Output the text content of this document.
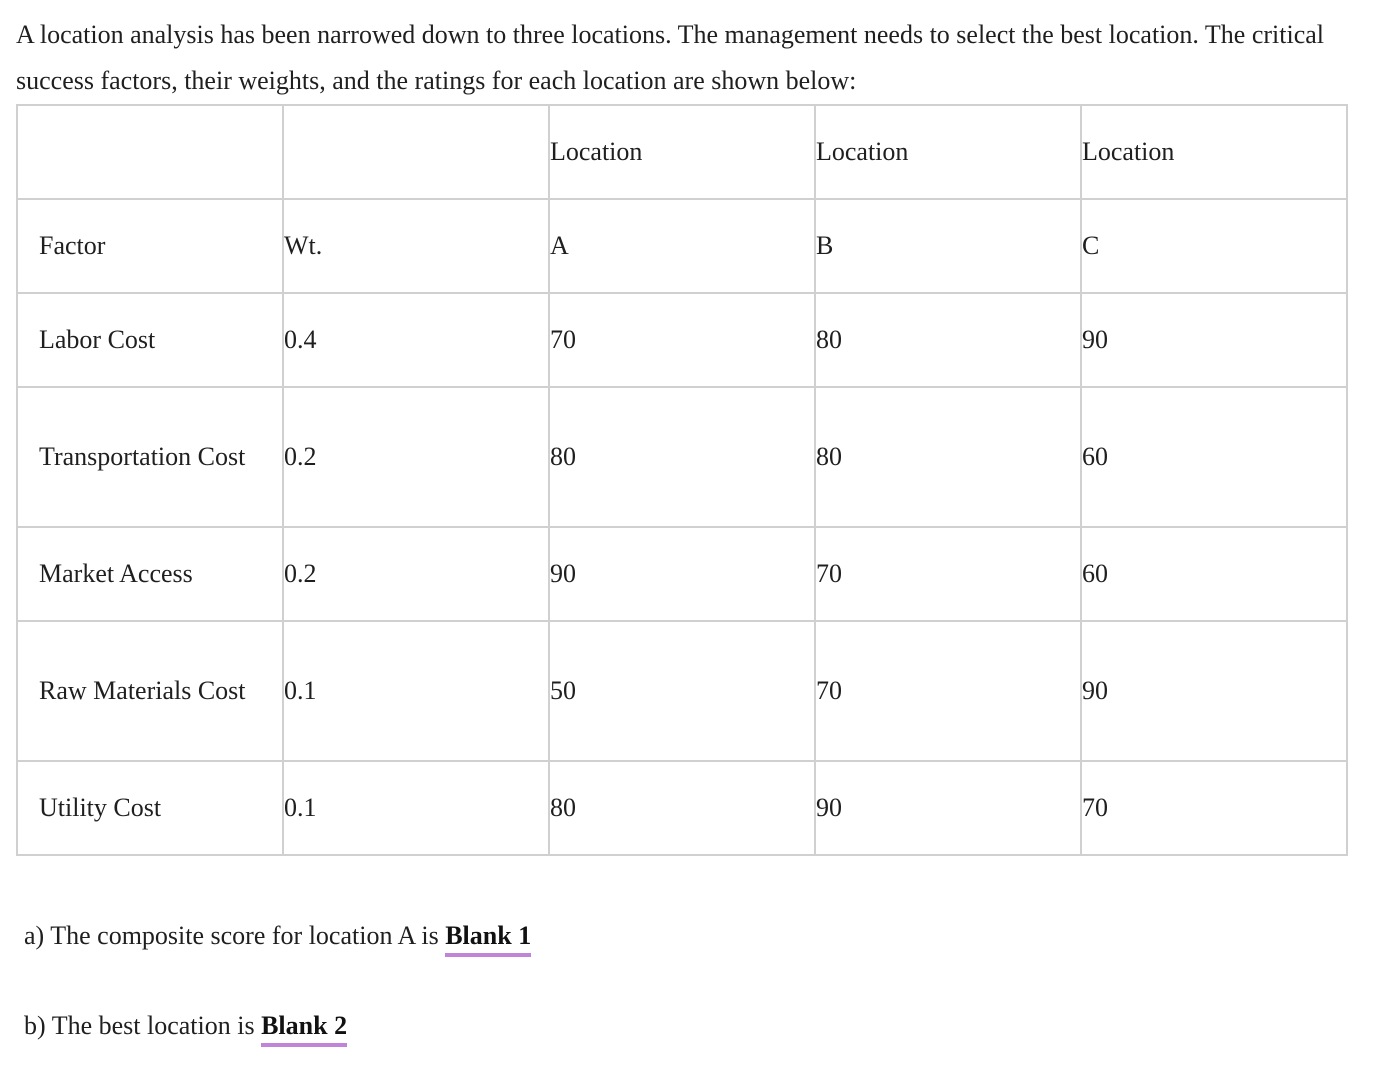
A location analysis has been narrowed down to three locations. The management needs to select the best location. The critical success factors, their weights, and the ratings for each location are shown below:

		Location	Location	Location
Factor	Wt.	A	B	C
Labor Cost	0.4	70	80	90
Transportation Cost	0.2	80	80	60
Market Access	0.2	90	70	60
Raw Materials Cost	0.1	50	70	90
Utility Cost	0.1	80	90	70

a) The composite score for location A is Blank 1

b) The best location is Blank 2
